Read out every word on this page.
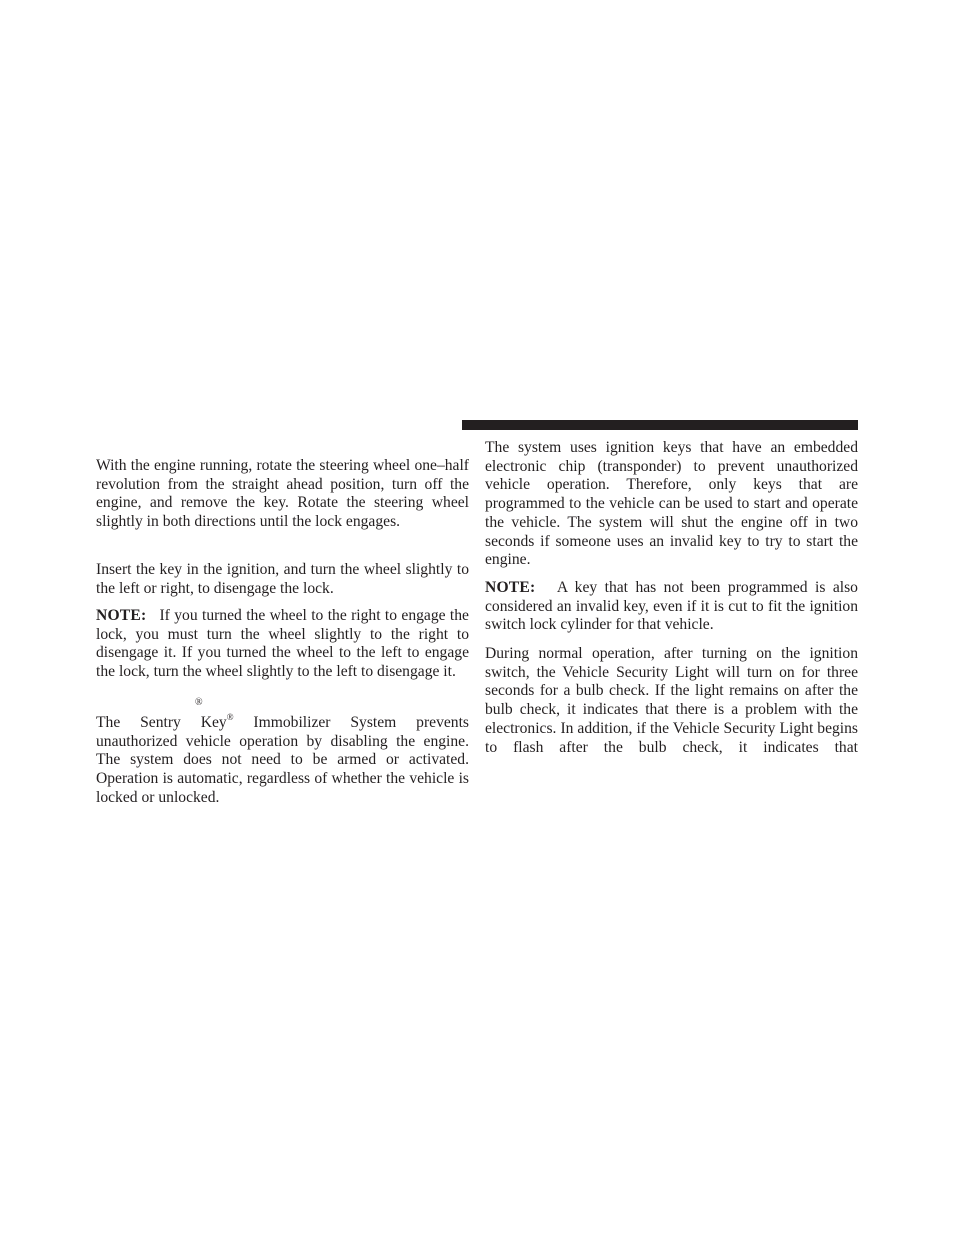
With the engine running, rotate the steering wheel one–half revolution from the straight ahead position, turn off the engine, and remove the key. Rotate the steering wheel slightly in both directions until the lock engages.

Insert the key in the ignition, and turn the wheel slightly to the left or right, to disengage the lock.

NOTE: If you turned the wheel to the right to engage the lock, you must turn the wheel slightly to the right to disengage it. If you turned the wheel to the left to engage the lock, turn the wheel slightly to the left to disengage it.

®

The Sentry Key® Immobilizer System prevents unauthorized vehicle operation by disabling the engine. The system does not need to be armed or activated. Operation is automatic, regardless of whether the vehicle is locked or unlocked.

The system uses ignition keys that have an embedded electronic chip (transponder) to prevent unauthorized vehicle operation. Therefore, only keys that are programmed to the vehicle can be used to start and operate the vehicle. The system will shut the engine off in two seconds if someone uses an invalid key to try to start the engine.

NOTE: A key that has not been programmed is also considered an invalid key, even if it is cut to fit the ignition switch lock cylinder for that vehicle.

During normal operation, after turning on the ignition switch, the Vehicle Security Light will turn on for three seconds for a bulb check. If the light remains on after the bulb check, it indicates that there is a problem with the electronics. In addition, if the Vehicle Security Light begins to flash after the bulb check, it indicates that
